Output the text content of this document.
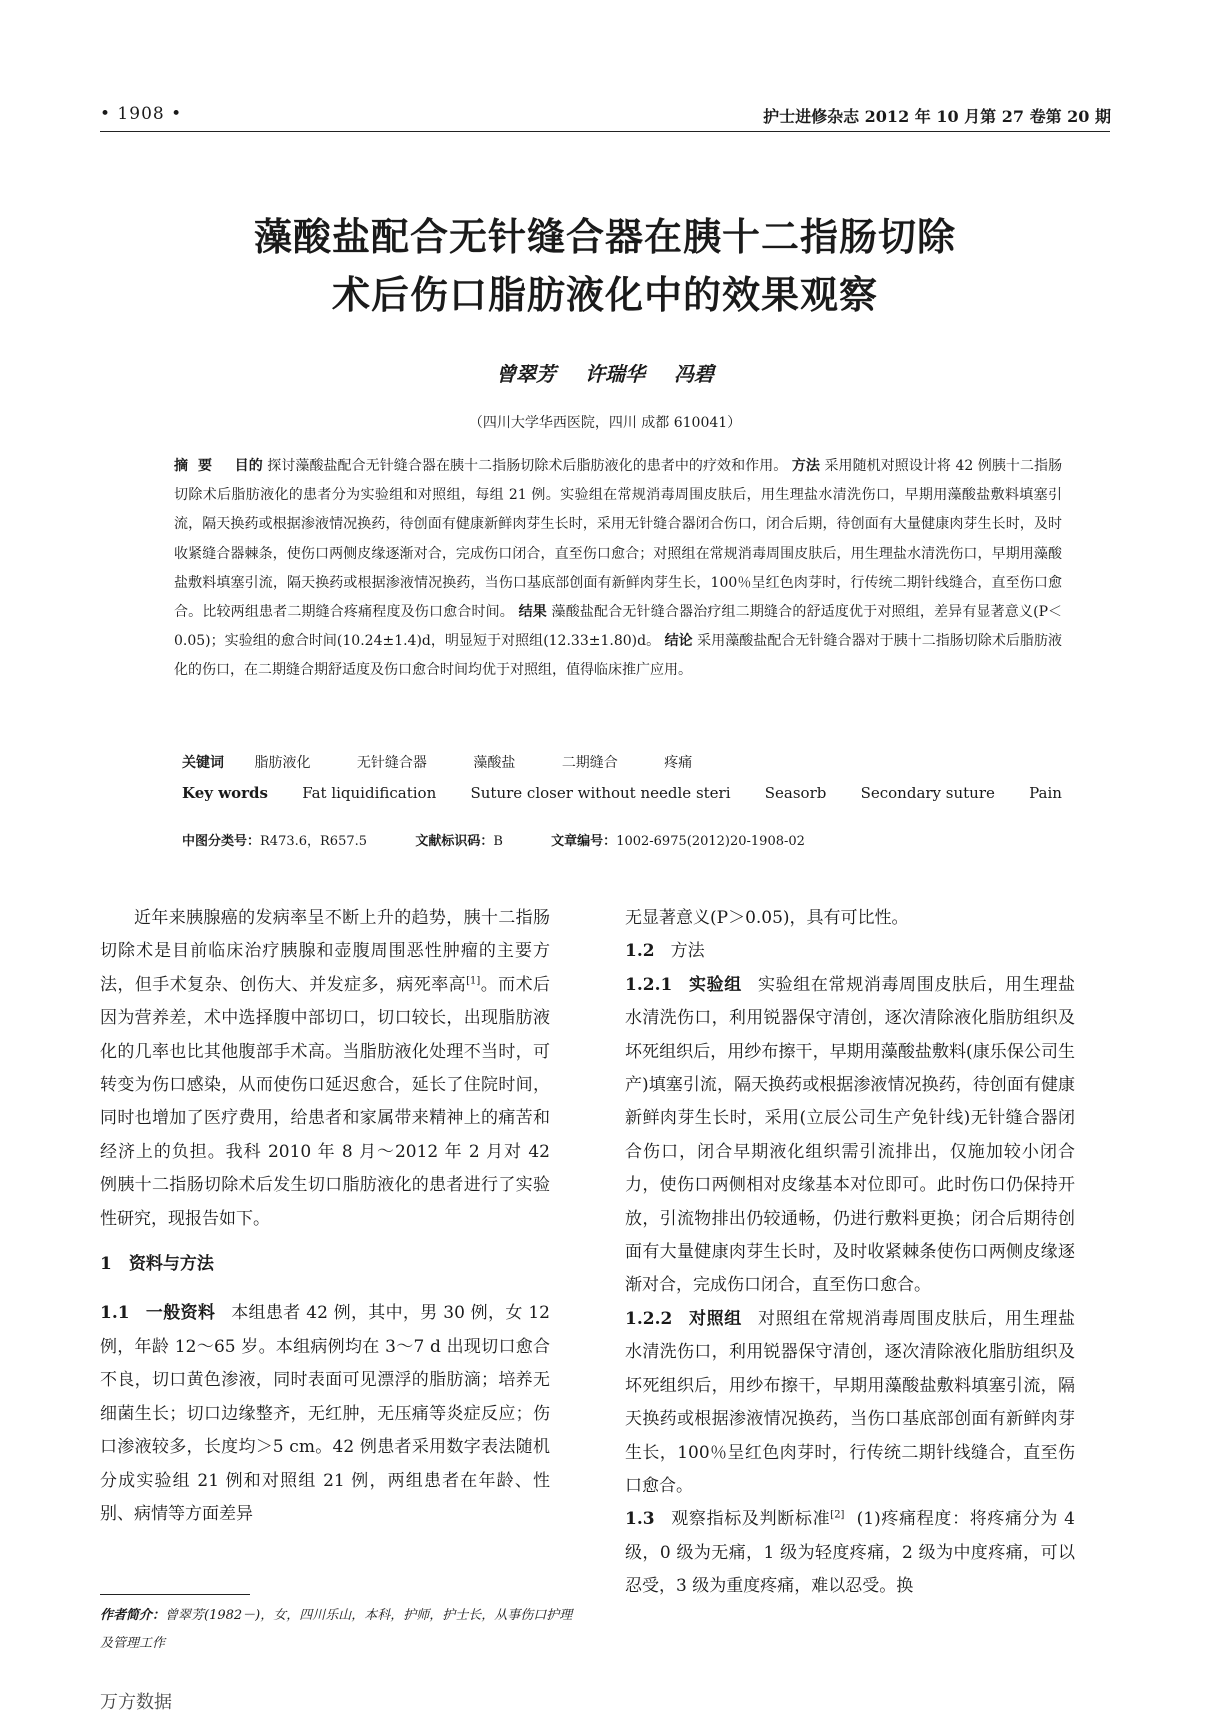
• 1908 •	护士进修杂志 2012 年 10 月第 27 卷第 20 期
藻酸盐配合无针缝合器在胰十二指肠切除
术后伤口脂肪液化中的效果观察
曾翠芳 许瑞华 冯碧
（四川大学华西医院，四川 成都 610041）
摘要 目的 探讨藻酸盐配合无针缝合器在胰十二指肠切除术后脂肪液化的患者中的疗效和作用。 方法 采用随机对照设计将 42 例胰十二指肠切除术后脂肪液化的患者分为实验组和对照组，每组 21 例。实验组在常规消毒周围皮肤后，用生理盐水清洗伤口，早期用藻酸盐敷料填塞引流，隔天换药或根据渗液情况换药，待创面有健康新鲜肉芽生长时，采用无针缝合器闭合伤口，闭合后期，待创面有大量健康肉芽生长时，及时收紧缝合器棘条，使伤口两侧皮缘逐渐对合，完成伤口闭合，直至伤口愈合；对照组在常规消毒周围皮肤后，用生理盐水清洗伤口，早期用藻酸盐敷料填塞引流，隔天换药或根据渗液情况换药，当伤口基底部创面有新鲜肉芽生长，100％呈红色肉芽时，行传统二期针线缝合，直至伤口愈合。比较两组患者二期缝合疼痛程度及伤口愈合时间。 结果 藻酸盐配合无针缝合器治疗组二期缝合的舒适度优于对照组，差异有显著意义(P＜0.05)；实验组的愈合时间(10.24±1.4)d，明显短于对照组(12.33±1.80)d。 结论 采用藻酸盐配合无针缝合器对于胰十二指肠切除术后脂肪液化的伤口，在二期缝合期舒适度及伤口愈合时间均优于对照组，值得临床推广应用。
关键词 脂肪液化	无针缝合器	藻酸盐	二期缝合	疼痛
Key words Fat liquidification Suture closer without needle steri Seasorb Secondary suture Pain
中图分类号：R473.6，R657.5	文献标识码：B	文章编号：1002-6975(2012)20-1908-02

近年来胰腺癌的发病率呈不断上升的趋势，胰十二指肠切除术是目前临床治疗胰腺和壶腹周围恶性肿瘤的主要方法，但手术复杂、创伤大、并发症多，病死率高[1]。而术后因为营养差，术中选择腹中部切口，切口较长，出现脂肪液化的几率也比其他腹部手术高。当脂肪液化处理不当时，可转变为伤口感染，从而使伤口延迟愈合，延长了住院时间，同时也增加了医疗费用，给患者和家属带来精神上的痛苦和经济上的负担。我科 2010 年 8 月～2012 年 2 月对 42 例胰十二指肠切除术后发生切口脂肪液化的患者进行了实验性研究，现报告如下。

1　资料与方法

1.1 一般资料 本组患者 42 例，其中，男 30 例，女 12 例，年龄 12～65 岁。本组病例均在 3～7 d 出现切口愈合不良，切口黄色渗液，同时表面可见漂浮的脂肪滴；培养无细菌生长；切口边缘整齐，无红肿，无压痛等炎症反应；伤口渗液较多，长度均＞5 cm。42 例患者采用数字表法随机分成实验组 21 例和对照组 21 例，两组患者在年龄、性别、病情等方面差异

无显著意义(P＞0.05)，具有可比性。

1.2 方法

1.2.1 实验组 实验组在常规消毒周围皮肤后，用生理盐水清洗伤口，利用锐器保守清创，逐次清除液化脂肪组织及坏死组织后，用纱布擦干，早期用藻酸盐敷料(康乐保公司生产)填塞引流，隔天换药或根据渗液情况换药，待创面有健康新鲜肉芽生长时，采用(立辰公司生产免针线)无针缝合器闭合伤口，闭合早期液化组织需引流排出，仅施加较小闭合力，使伤口两侧相对皮缘基本对位即可。此时伤口仍保持开放，引流物排出仍较通畅，仍进行敷料更换；闭合后期待创面有大量健康肉芽生长时，及时收紧棘条使伤口两侧皮缘逐渐对合，完成伤口闭合，直至伤口愈合。

1.2.2 对照组 对照组在常规消毒周围皮肤后，用生理盐水清洗伤口，利用锐器保守清创，逐次清除液化脂肪组织及坏死组织后，用纱布擦干，早期用藻酸盐敷料填塞引流，隔天换药或根据渗液情况换药，当伤口基底部创面有新鲜肉芽生长，100％呈红色肉芽时，行传统二期针线缝合，直至伤口愈合。

1.3 观察指标及判断标准[2] (1)疼痛程度：将疼痛分为 4 级，0 级为无痛，1 级为轻度疼痛，2 级为中度疼痛，可以忍受，3 级为重度疼痛，难以忍受。换

作者简介：曾翠芳(1982－)，女，四川乐山，本科，护师，护士长，从事伤口护理及管理工作
万方数据
